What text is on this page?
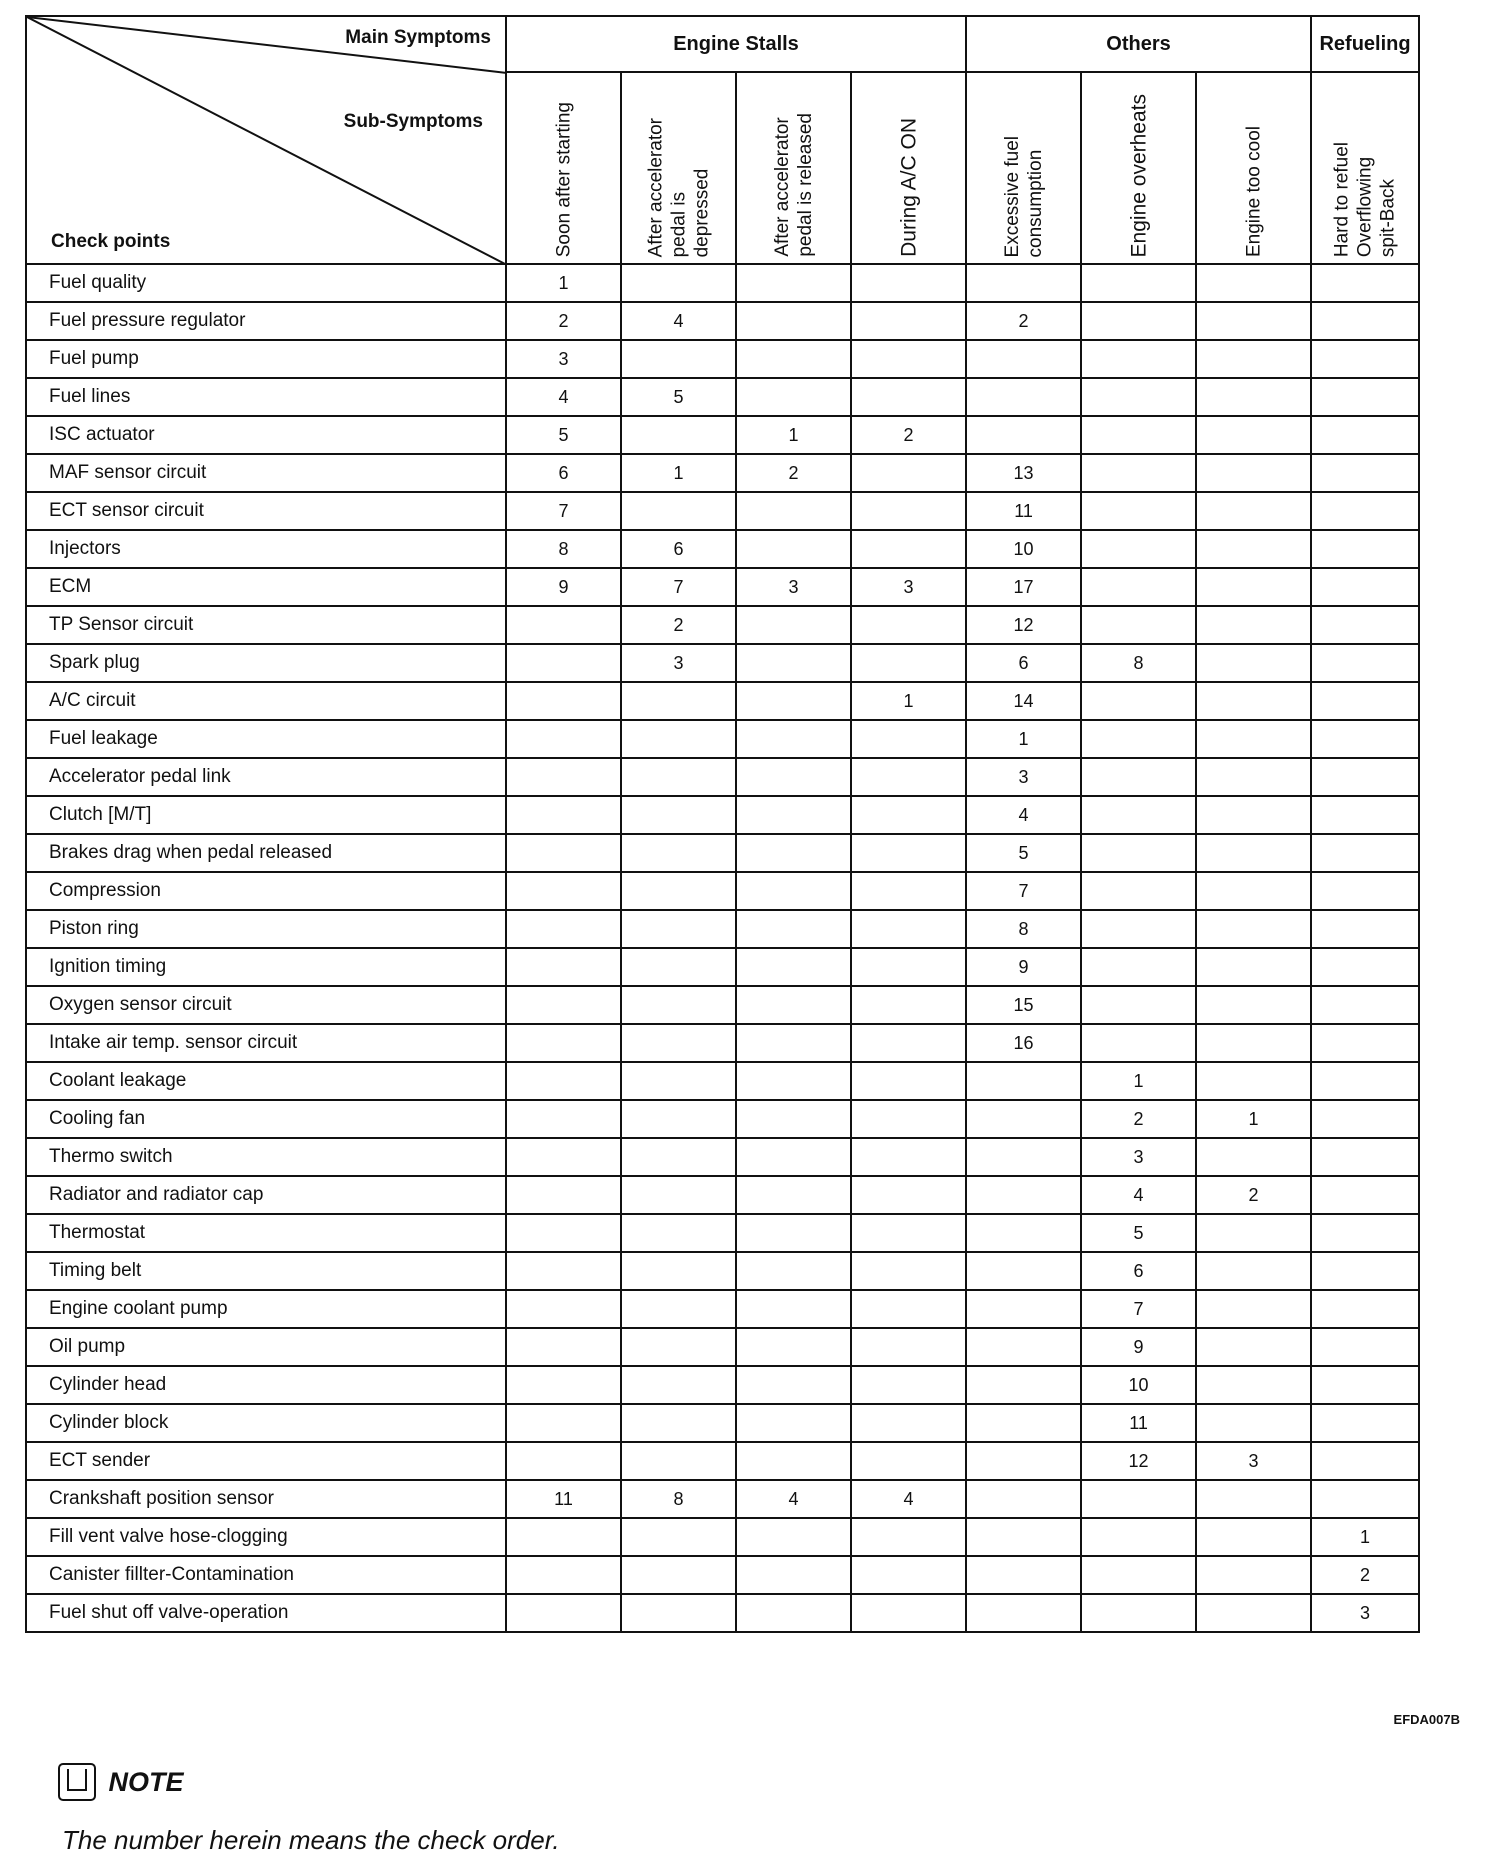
Main Symptoms
Sub-Symptoms
Check points	Engine Stalls				Others			Refueling

	Soon after starting	After accelerator pedal is depressed	After accelerator pedal is released	During A/C ON	Excessive fuel consumption	Engine overheats	Engine too cool	Hard to refuel Overflowing spit-Back

Fuel quality	1							
Fuel pressure regulator	2	4			2			
Fuel pump	3							
Fuel lines	4	5						
ISC actuator	5		1	2				
MAF sensor circuit	6	1	2		13			
ECT sensor circuit	7				11			
Injectors	8	6			10			
ECM	9	7	3	3	17			
TP Sensor circuit		2			12			
Spark plug		3			6	8		
A/C circuit				1	14			
Fuel leakage					1			
Accelerator pedal link					3			
Clutch [M/T]					4			
Brakes drag when pedal released					5			
Compression					7			
Piston ring					8			
Ignition timing					9			
Oxygen sensor circuit					15			
Intake air temp. sensor circuit					16			
Coolant leakage						1		
Cooling fan						2	1	
Thermo switch						3		
Radiator and radiator cap						4	2	
Thermostat						5		
Timing belt						6		
Engine coolant pump						7		
Oil pump						9		
Cylinder head						10		
Cylinder block						11		
ECT sender						12	3	
Crankshaft position sensor	11	8	4	4				
Fill vent valve hose-clogging								1
Canister fillter-Contamination								2
Fuel shut off valve-operation								3
EFDA007B
NOTE
The number herein means the check order.
